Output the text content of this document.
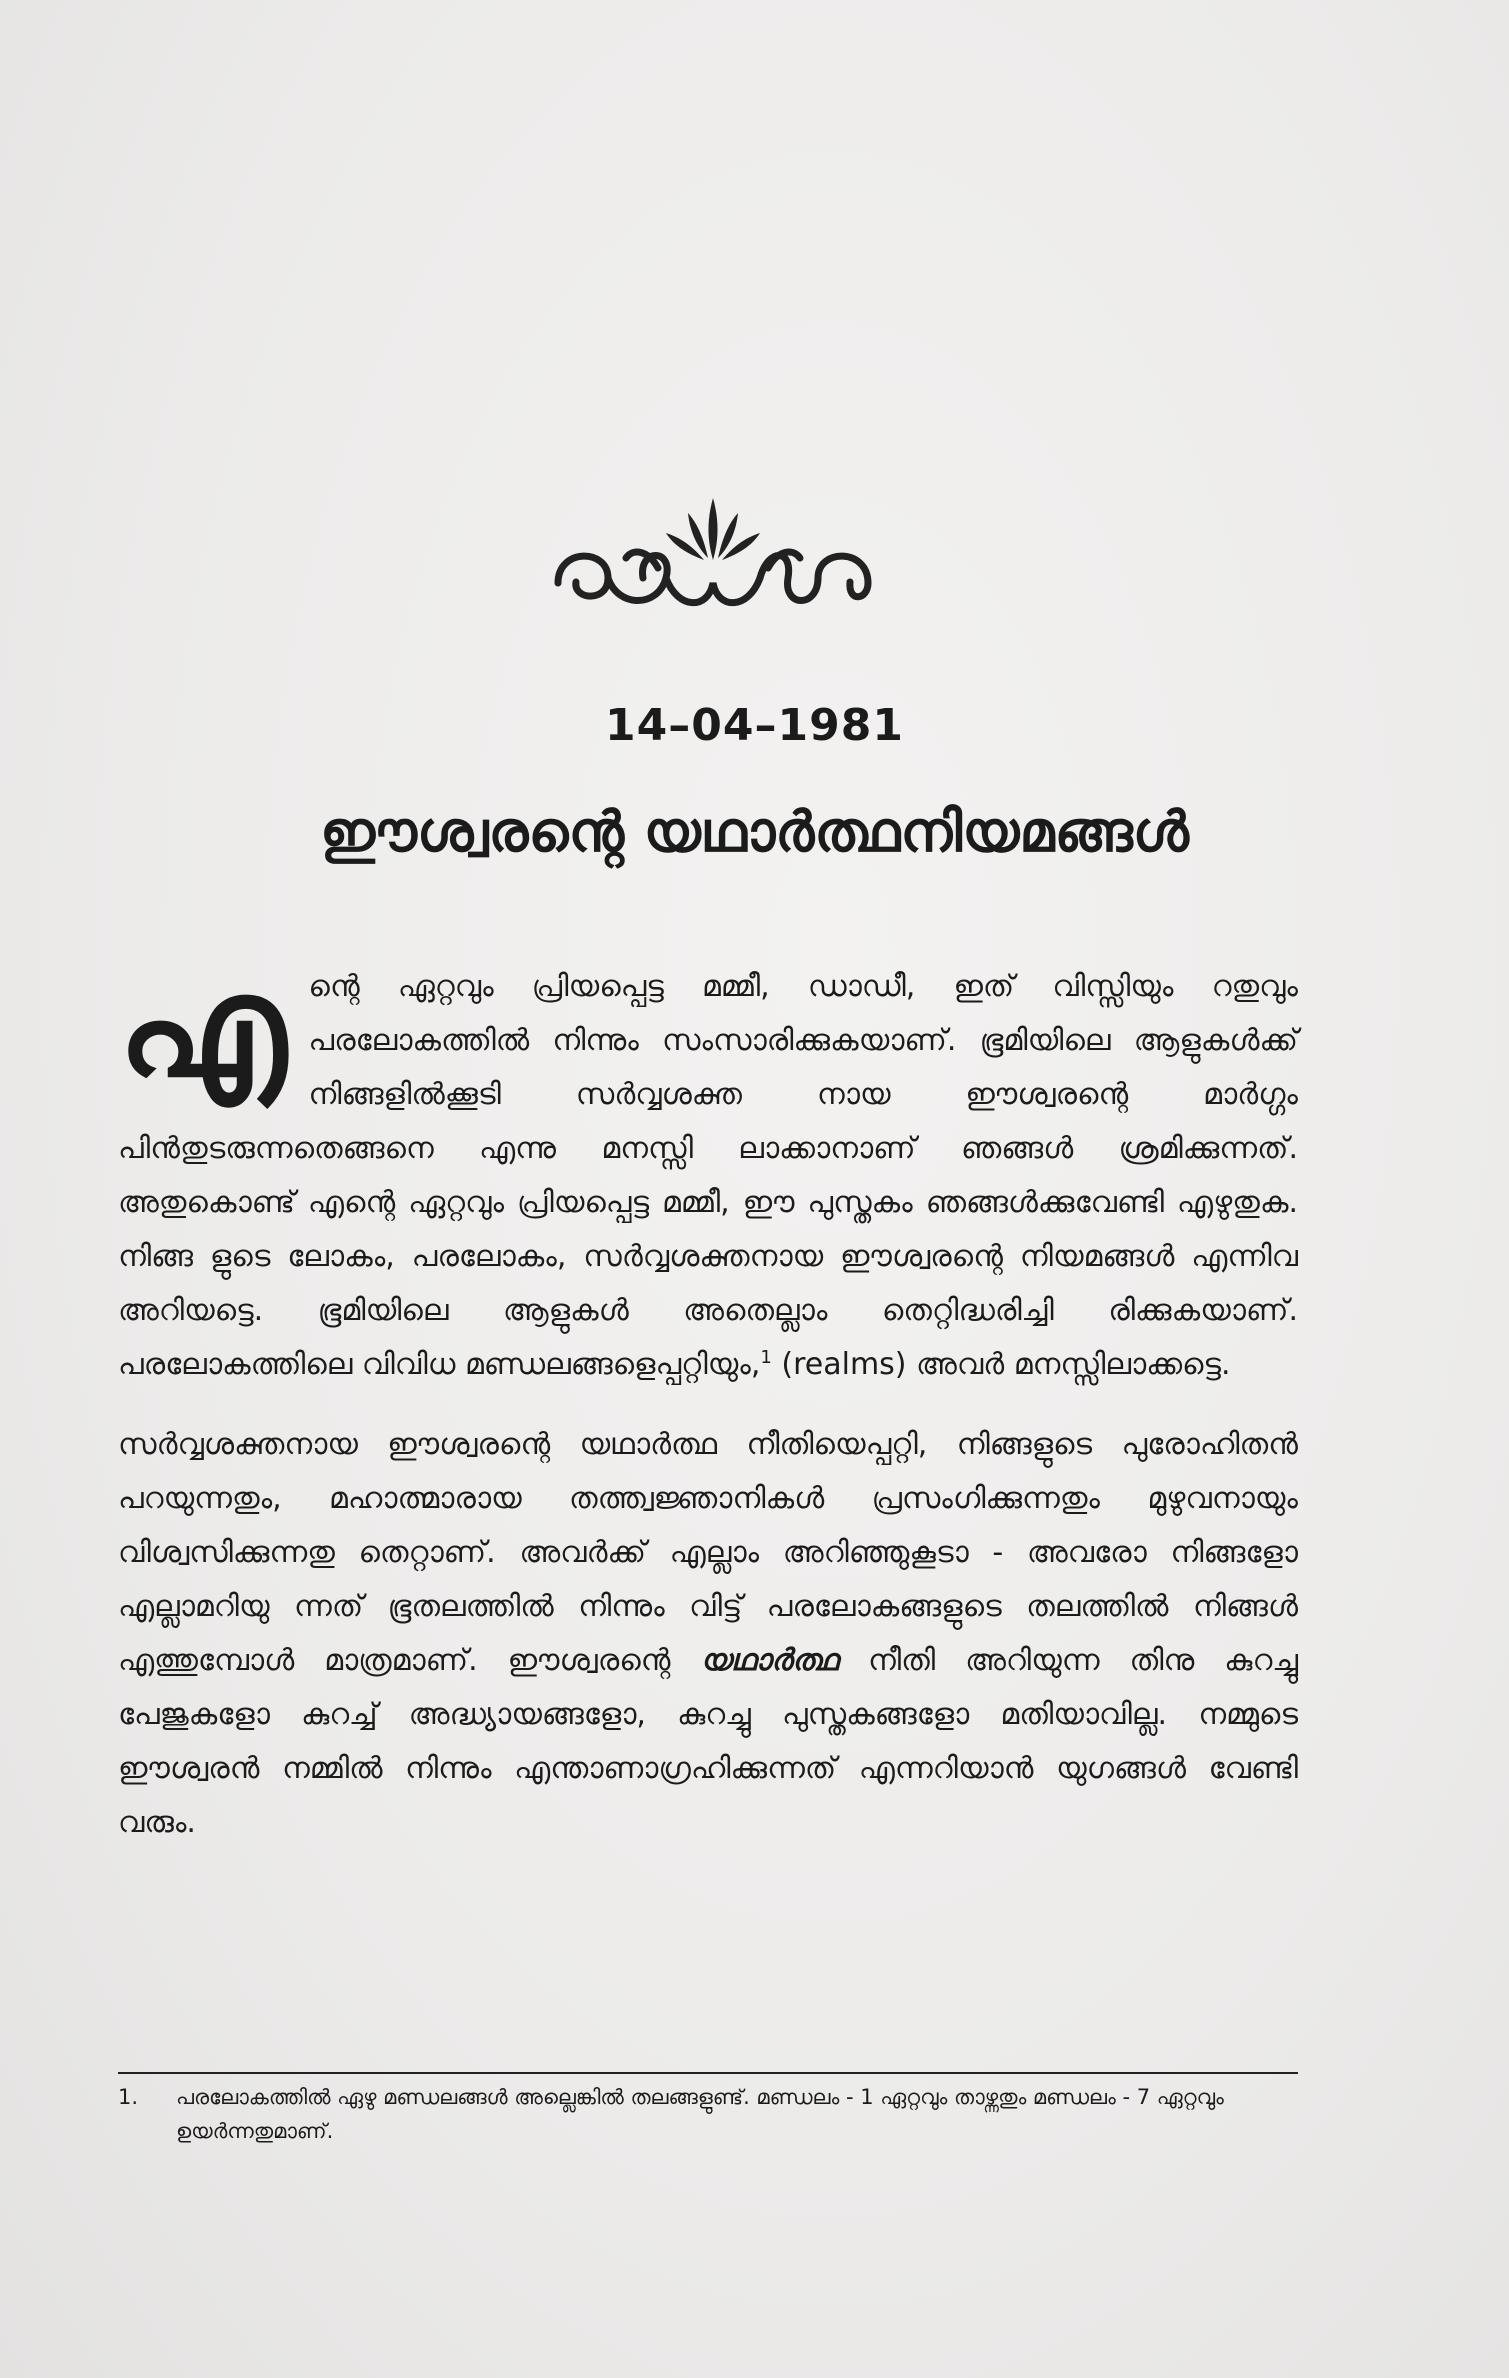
14–04–1981
ഈശ്വരന്റെ യഥാർത്ഥനിയമങ്ങൾ

എ ന്റെ ഏറ്റവും പ്രിയപ്പെട്ട മമ്മീ, ഡാഡീ, ഇത് വിസ്സിയും റതുവും പരലോകത്തിൽ നിന്നും സംസാരിക്കുകയാണ്. ഭൂമിയിലെ ആളുകൾക്ക് നിങ്ങളിൽക്കൂടി സർവ്വശക്ത നായ ഈശ്വരന്റെ മാർഗ്ഗം പിൻതുടരുന്നതെങ്ങനെ എന്നു മനസ്സി ലാക്കാനാണ് ഞങ്ങൾ ശ്രമിക്കുന്നത്. അതുകൊണ്ട് എന്റെ ഏറ്റവും പ്രിയപ്പെട്ട മമ്മീ, ഈ പുസ്തകം ഞങ്ങൾക്കുവേണ്ടി എഴുതുക. നിങ്ങ ളുടെ ലോകം, പരലോകം, സർവ്വശക്തനായ ഈശ്വരന്റെ നിയമങ്ങൾ എന്നിവ അറിയട്ടെ. ഭൂമിയിലെ ആളുകൾ അതെല്ലാം തെറ്റിദ്ധരിച്ചി രിക്കുകയാണ്. പരലോകത്തിലെ വിവിധ മണ്ഡലങ്ങളെപ്പറ്റിയും,$^1$ (realms) അവർ മനസ്സിലാക്കട്ടെ.

സർവ്വശക്തനായ ഈശ്വരന്റെ യഥാർത്ഥ നീതിയെപ്പറ്റി, നിങ്ങളുടെ പുരോഹിതൻ പറയുന്നതും, മഹാത്മാരായ തത്ത്വജ്ഞാനികൾ പ്രസംഗിക്കുന്നതും മുഴുവനായും വിശ്വസിക്കുന്നതു തെറ്റാണ്. അവർക്ക് എല്ലാം അറിഞ്ഞുകൂടാ - അവരോ നിങ്ങളോ എല്ലാമറിയു ന്നത് ഭൂതലത്തിൽ നിന്നും വിട്ട് പരലോകങ്ങളുടെ തലത്തിൽ നിങ്ങൾ എത്തുമ്പോൾ മാത്രമാണ്. ഈശ്വരന്റെ യഥാർത്ഥ നീതി അറിയുന്ന തിനു കുറച്ചു പേജുകളോ കുറച്ച് അദ്ധ്യായങ്ങളോ, കുറച്ചു പുസ്തകങ്ങളോ മതിയാവില്ല. നമ്മുടെ ഈശ്വരൻ നമ്മിൽ നിന്നും എന്താണാഗ്രഹിക്കുന്നത് എന്നറിയാൻ യുഗങ്ങൾ വേണ്ടി വരും.

1. പരലോകത്തിൽ ഏഴു മണ്ഡലങ്ങൾ അല്ലെങ്കിൽ തലങ്ങളുണ്ട്. മണ്ഡലം - 1 ഏറ്റവും താഴ്ന്നതും മണ്ഡലം - 7 ഏറ്റവും ഉയർന്നതുമാണ്.
